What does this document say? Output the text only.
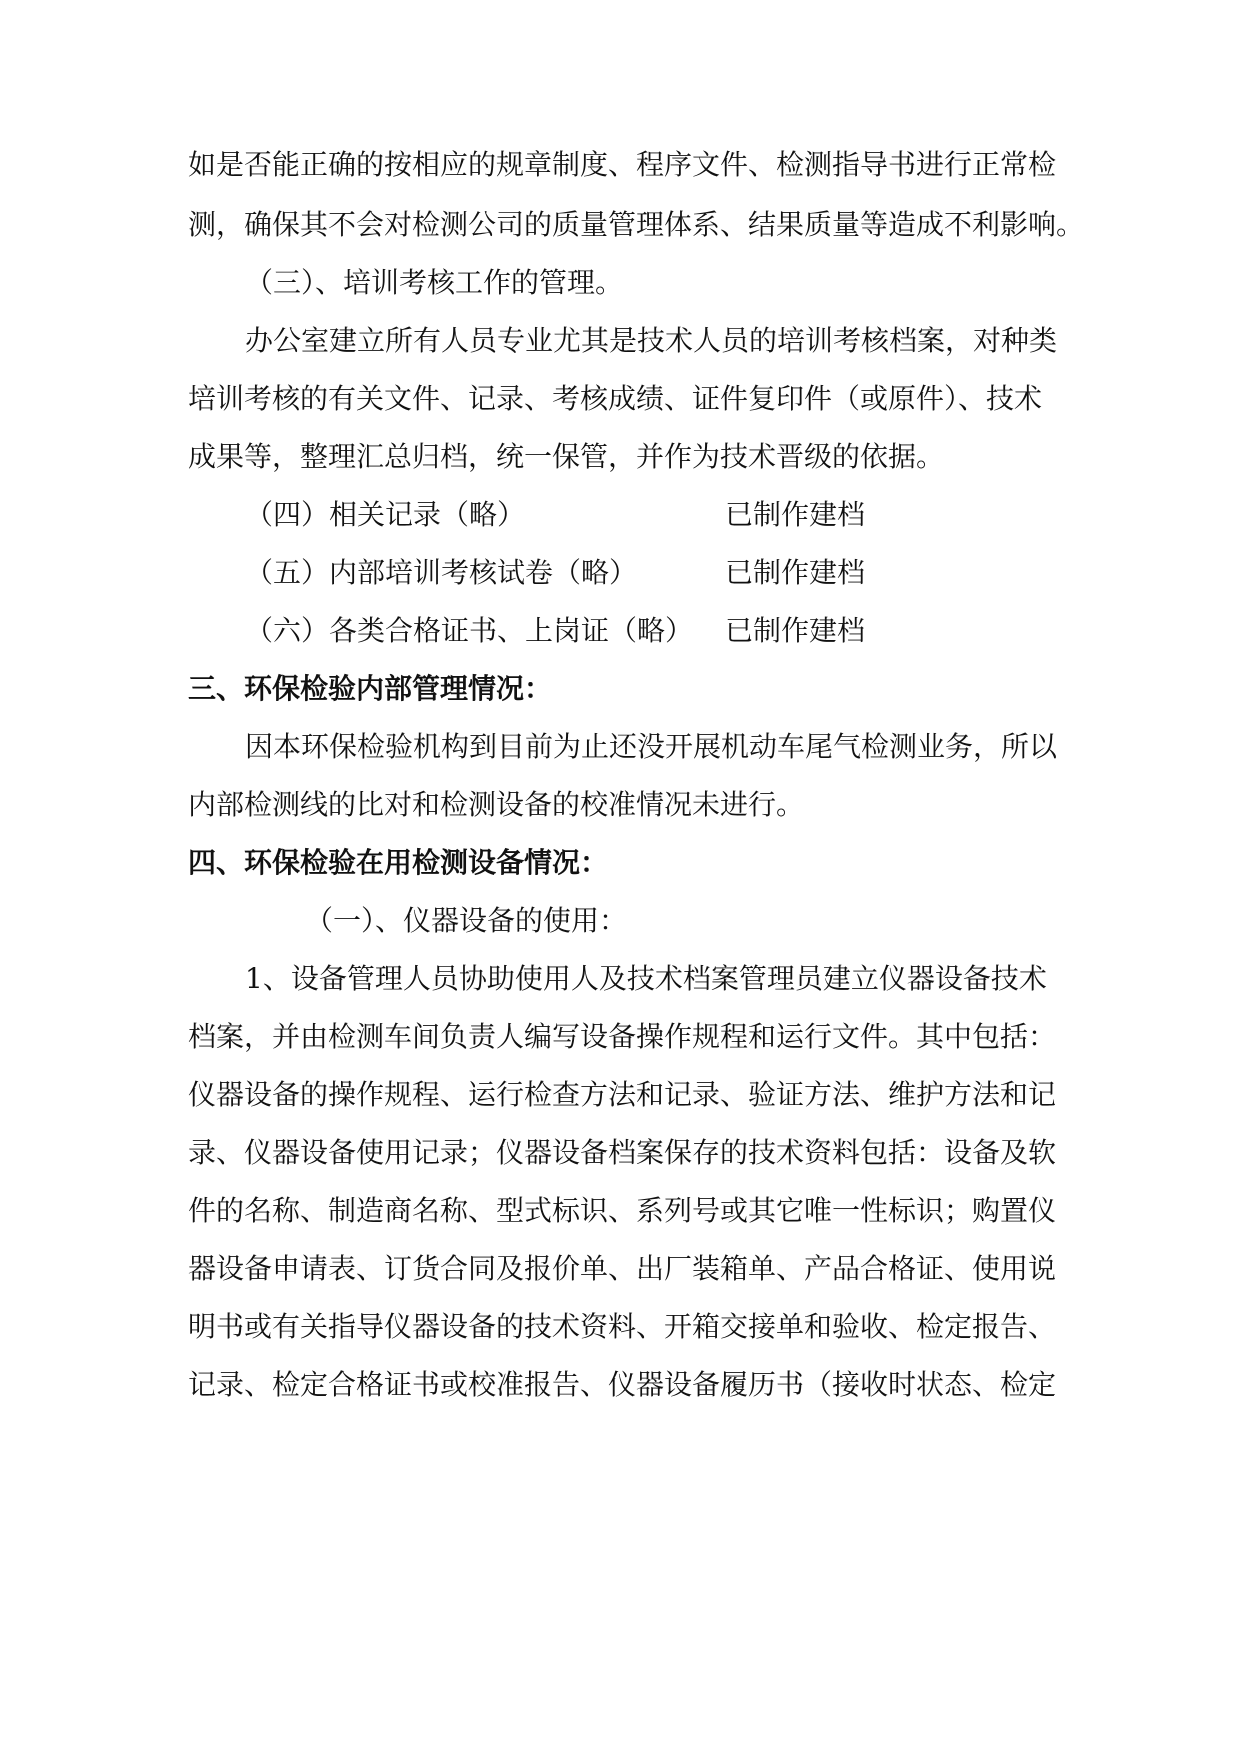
如是否能正确的按相应的规章制度、程序文件、检测指导书进行正常检
测，确保其不会对检测公司的质量管理体系、结果质量等造成不利影响。
（三）、培训考核工作的管理。
办公室建立所有人员专业尤其是技术人员的培训考核档案，对种类
培训考核的有关文件、记录、考核成绩、证件复印件（或原件）、技术
成果等，整理汇总归档，统一保管，并作为技术晋级的依据。
（四）相关记录（略）	已制作建档
（五）内部培训考核试卷（略）	已制作建档
（六）各类合格证书、上岗证（略） 已制作建档
三、环保检验内部管理情况：
因本环保检验机构到目前为止还没开展机动车尾气检测业务，所以
内部检测线的比对和检测设备的校准情况未进行。
四、环保检验在用检测设备情况：
（一）、仪器设备的使用：
1、设备管理人员协助使用人及技术档案管理员建立仪器设备技术
档案，并由检测车间负责人编写设备操作规程和运行文件。其中包括：
仪器设备的操作规程、运行检查方法和记录、验证方法、维护方法和记
录、仪器设备使用记录；仪器设备档案保存的技术资料包括：设备及软
件的名称、制造商名称、型式标识、系列号或其它唯一性标识；购置仪
器设备申请表、订货合同及报价单、出厂装箱单、产品合格证、使用说
明书或有关指导仪器设备的技术资料、开箱交接单和验收、检定报告、
记录、检定合格证书或校准报告、仪器设备履历书（接收时状态、检定
